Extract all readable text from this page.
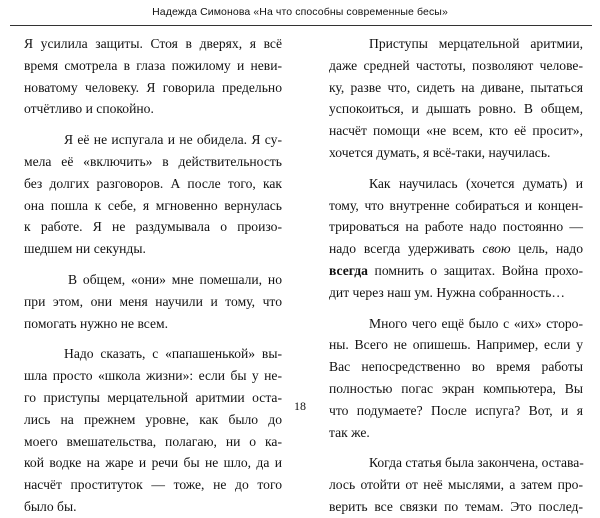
Надежда Симонова «На что способны современные бесы»
Я усилила защиты. Стоя в дверях, я всё
время смотрела в глаза пожилому и неви-
новатому человеку. Я говорила предельно
отчётливо и спокойно.
Я её не испугала и не обидела. Я су-
мела её «включить» в действительность
без долгих разговоров. А после того, как
она пошла к себе, я мгновенно вернулась
к работе. Я не раздумывала о произо-
шедшем ни секунды.
В общем, «они» мне помешали, но
при этом, они меня научили и тому, что
помогать нужно не всем.
Надо сказать, с «папашенькой» вы-
шла просто «школа жизни»: если бы у не-
го приступы мерцательной аритмии оста-
лись на прежнем уровне, как было до
моего вмешательства, полагаю, ни о ка-
кой водке на жаре и речи бы не шло, да и
насчёт проституток — тоже, не до того
было бы.
Приступы мерцательной аритмии,
даже средней частоты, позволяют челове-
ку, разве что, сидеть на диване, пытаться
успокоиться, и дышать ровно. В общем,
насчёт помощи «не всем, кто её просит»,
хочется думать, я всё-таки, научилась.
Как научилась (хочется думать) и
тому, что внутренне собираться и концен-
трироваться на работе надо постоянно —
надо всегда удерживать свою цель, надо
всегда помнить о защитах. Война прохо-
дит через наш ум. Нужна собранность…
Много чего ещё было с «их» сторо-
ны. Всего не опишешь. Например, если у
Вас непосредственно во время работы
полностью погас экран компьютера, Вы
что подумаете? После испуга? Вот, и я
так же.
Когда статья была закончена, остава-
лось отойти от неё мыслями, а затем про-
верить все связки по темам. Это послед-
18
